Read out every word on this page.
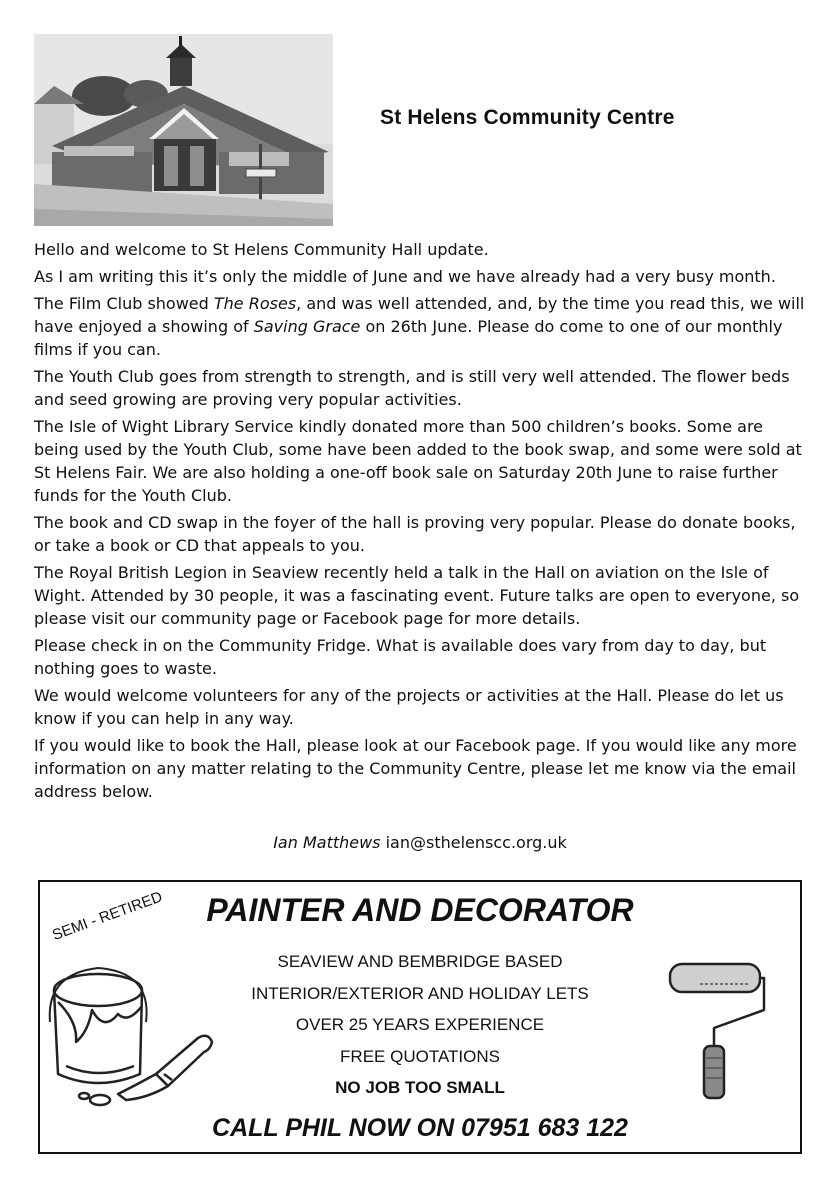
St Helens Community Centre

Hello and welcome to St Helens Community Hall update.

As I am writing this it’s only the middle of June and we have already had a very busy month.

The Film Club showed The Roses, and was well attended, and, by the time you read this, we will have enjoyed a showing of Saving Grace on 26th June. Please do come to one of our monthly films if you can.

The Youth Club goes from strength to strength, and is still very well attended. The flower beds and seed growing are proving very popular activities.

The Isle of Wight Library Service kindly donated more than 500 children’s books. Some are being used by the Youth Club, some have been added to the book swap, and some were sold at St Helens Fair. We are also holding a one-off book sale on Saturday 20th June to raise further funds for the Youth Club.

The book and CD swap in the foyer of the hall is proving very popular. Please do donate books, or take a book or CD that appeals to you.

The Royal British Legion in Seaview recently held a talk in the Hall on aviation on the Isle of Wight. Attended by 30 people, it was a fascinating event. Future talks are open to everyone, so please visit our community page or Facebook page for more details.

Please check in on the Community Fridge. What is available does vary from day to day, but nothing goes to waste.

We would welcome volunteers for any of the projects or activities at the Hall. Please do let us know if you can help in any way.

If you would like to book the Hall, please look at our Facebook page. If you would like any more information on any matter relating to the Community Centre, please let me know via the email address below.

Ian Matthews ian@sthelenscc.org.uk
SEMI - RETIRED	PAINTER AND DECORATOR
SEAVIEW AND BEMBRIDGE BASED
INTERIOR/EXTERIOR AND HOLIDAY LETS
OVER 25 YEARS EXPERIENCE
FREE QUOTATIONS
NO JOB TOO SMALL
CALL PHIL NOW ON 07951 683 122
